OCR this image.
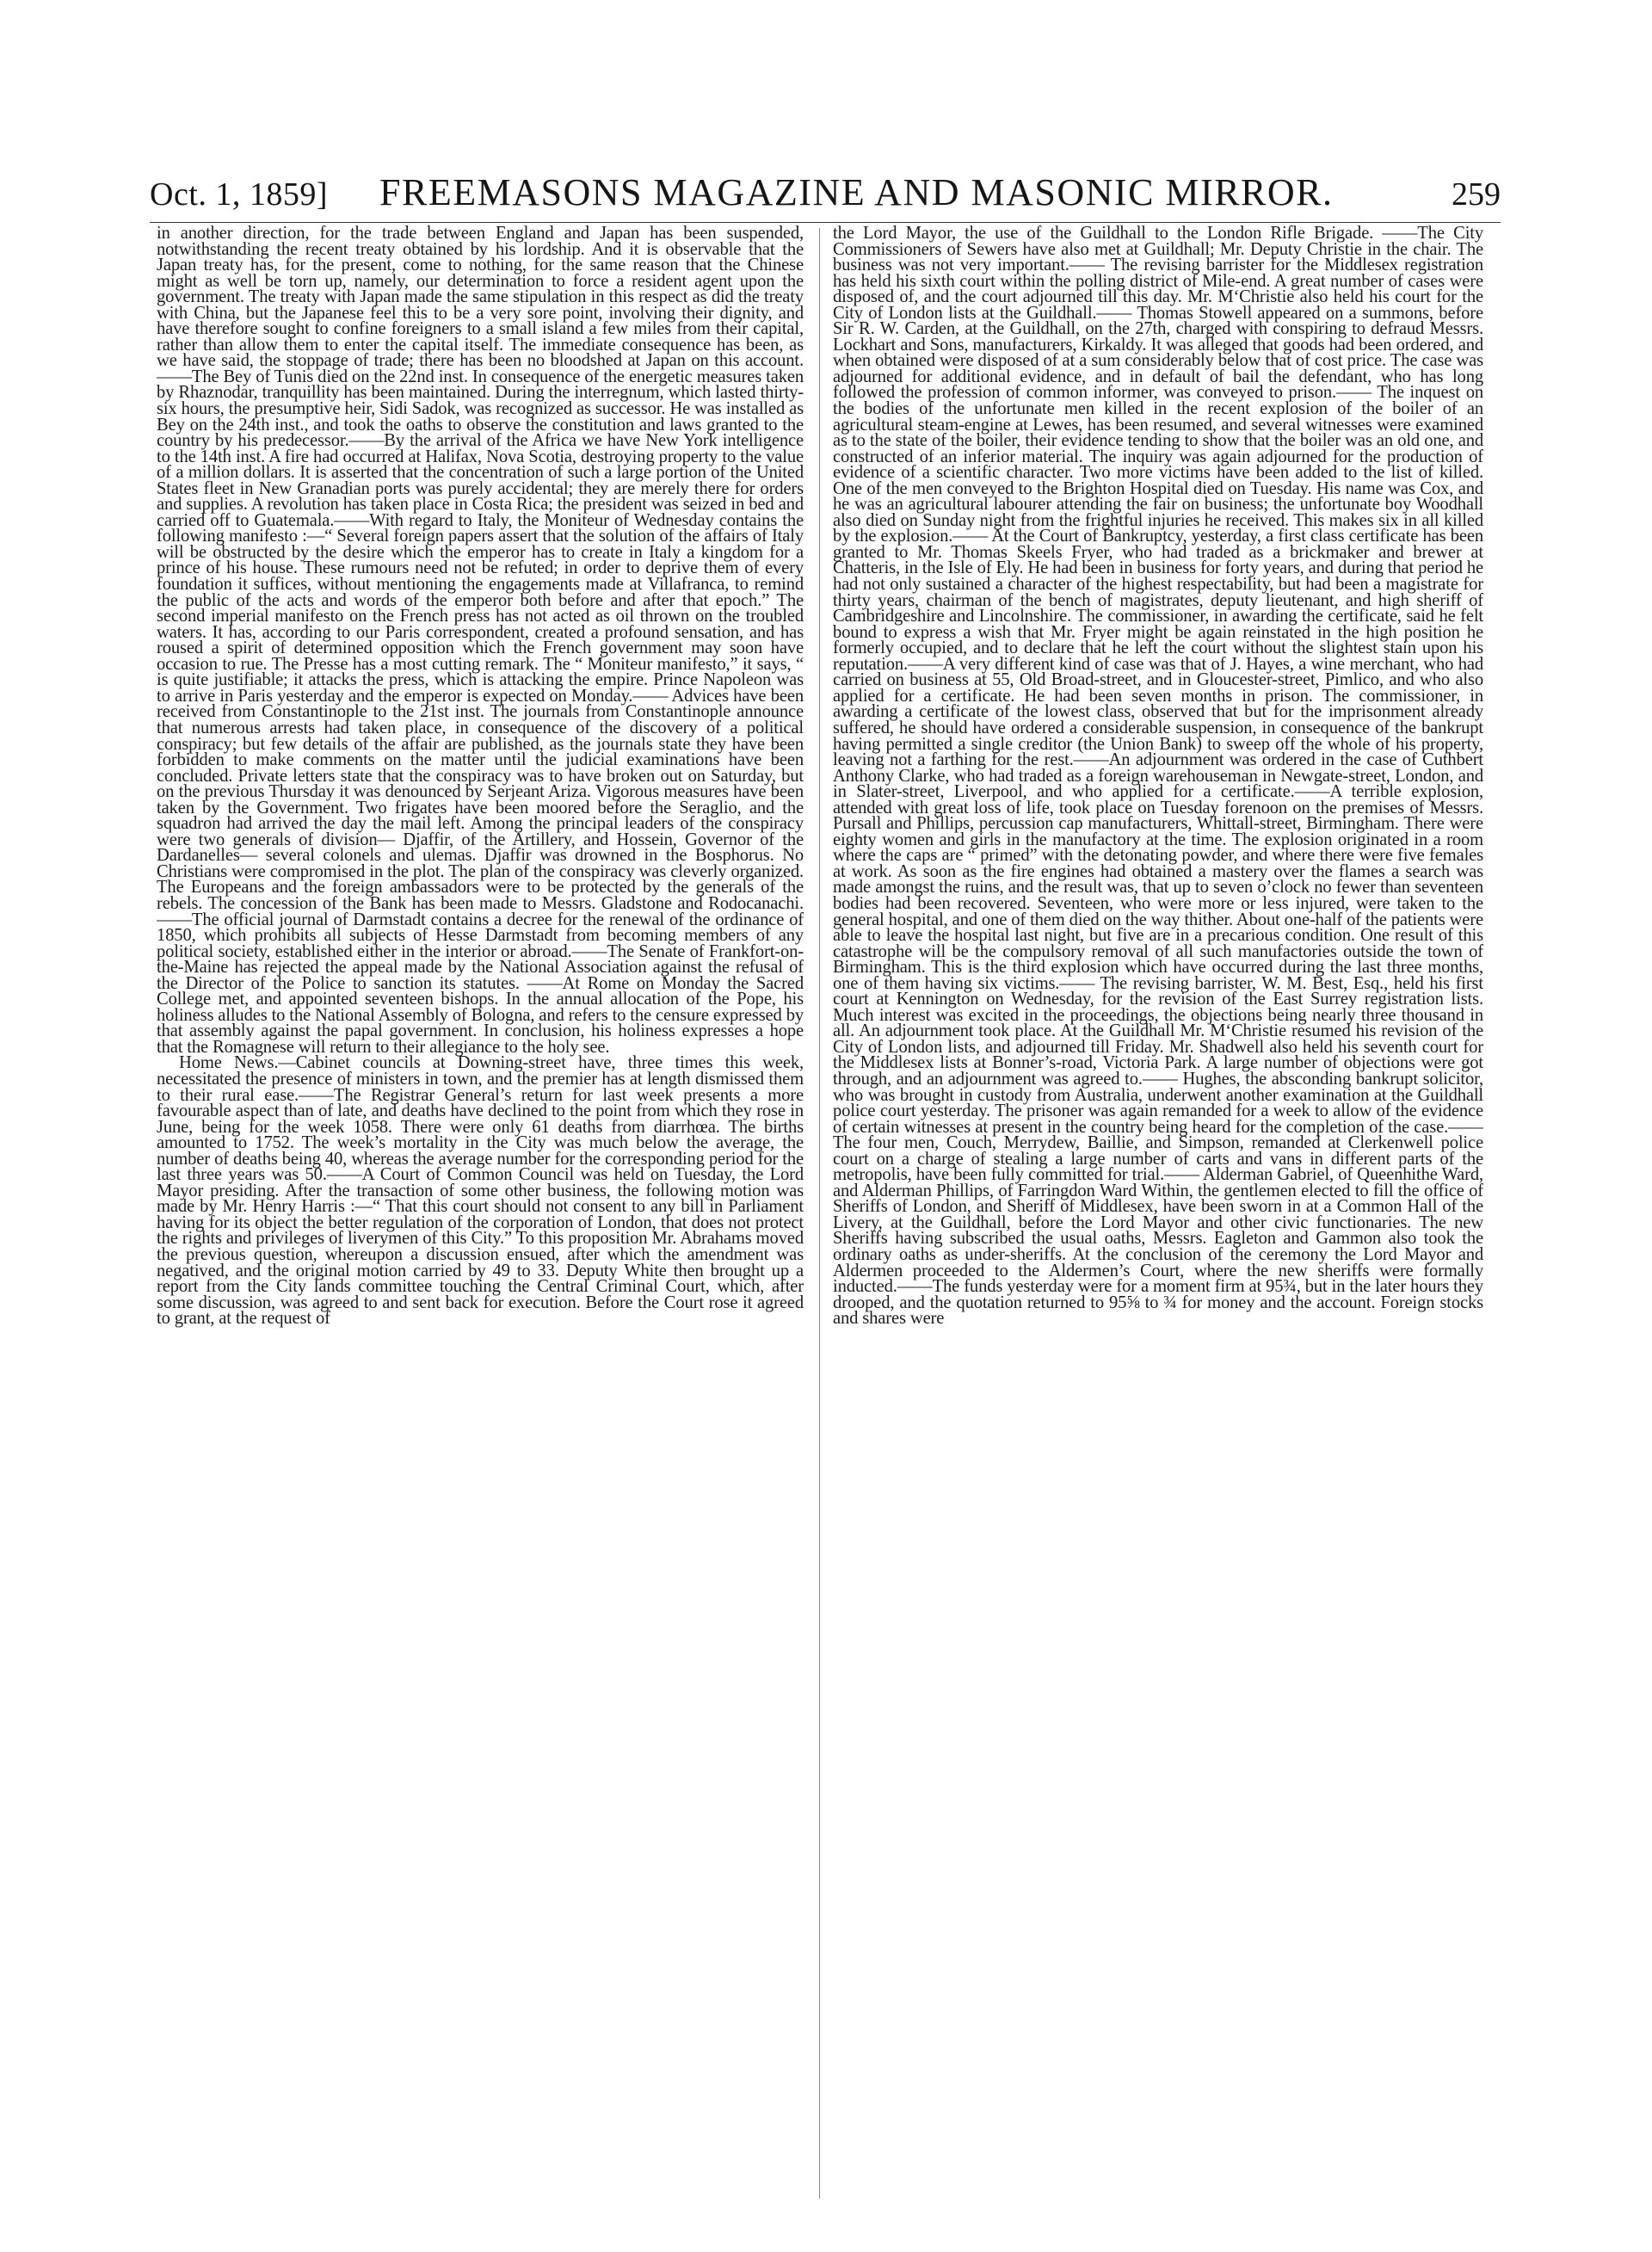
Oct. 1, 1859] FREEMASONS MAGAZINE AND MASONIC MIRROR.	259

in another direction, for the trade between England and Japan has been suspended, notwithstanding the recent treaty obtained by his lordship. And it is observable that the Japan treaty has, for the present, come to nothing, for the same reason that the Chinese might as well be torn up, namely, our determination to force a resident agent upon the government. The treaty with Japan made the same stipulation in this respect as did the treaty with China, but the Japanese feel this to be a very sore point, involving their dignity, and have therefore sought to confine foreigners to a small island a few miles from their capital, rather than allow them to enter the capital itself. The immediate consequence has been, as we have said, the stoppage of trade; there has been no bloodshed at Japan on this account.——The Bey of Tunis died on the 22nd inst. In consequence of the energetic measures taken by Rhaznodar, tranquillity has been maintained. During the interregnum, which lasted thirty-six hours, the presumptive heir, Sidi Sadok, was recognized as successor. He was installed as Bey on the 24th inst., and took the oaths to observe the constitution and laws granted to the country by his predecessor.——By the arrival of the Africa we have New York intelligence to the 14th inst. A fire had occurred at Halifax, Nova Scotia, destroying property to the value of a million dollars. It is asserted that the concentration of such a large portion of the United States fleet in New Granadian ports was purely accidental; they are merely there for orders and supplies. A revolution has taken place in Costa Rica; the president was seized in bed and carried off to Guatemala.——With regard to Italy, the Moniteur of Wednesday contains the following manifesto :—“ Several foreign papers assert that the solution of the affairs of Italy will be obstructed by the desire which the emperor has to create in Italy a kingdom for a prince of his house. These rumours need not be refuted; in order to deprive them of every foundation it suffices, without mentioning the engagements made at Villafranca, to remind the public of the acts and words of the emperor both before and after that epoch.” The second imperial manifesto on the French press has not acted as oil thrown on the troubled waters. It has, according to our Paris correspondent, created a profound sensation, and has roused a spirit of determined opposition which the French government may soon have occasion to rue. The Presse has a most cutting remark. The “ Moniteur manifesto,” it says, “ is quite justifiable; it attacks the press, which is attacking the empire. Prince Napoleon was to arrive in Paris yesterday and the emperor is expected on Monday.—— Advices have been received from Constantinople to the 21st inst. The journals from Constantinople announce that numerous arrests had taken place, in consequence of the discovery of a political conspiracy; but few details of the affair are published, as the journals state they have been forbidden to make comments on the matter until the judicial examinations have been concluded. Private letters state that the conspiracy was to have broken out on Saturday, but on the previous Thursday it was denounced by Serjeant Ariza. Vigorous measures have been taken by the Government. Two frigates have been moored before the Seraglio, and the squadron had arrived the day the mail left. Among the principal leaders of the conspiracy were two generals of division— Djaffir, of the Artillery, and Hossein, Governor of the Dardanelles— several colonels and ulemas. Djaffir was drowned in the Bosphorus. No Christians were compromised in the plot. The plan of the conspiracy was cleverly organized. The Europeans and the foreign ambassadors were to be protected by the generals of the rebels. The concession of the Bank has been made to Messrs. Gladstone and Rodocanachi.——The official journal of Darmstadt contains a decree for the renewal of the ordinance of 1850, which prohibits all subjects of Hesse Darmstadt from becoming members of any political society, established either in the interior or abroad.——The Senate of Frankfort-on-the-Maine has rejected the appeal made by the National Association against the refusal of the Director of the Police to sanction its statutes. ——At Rome on Monday the Sacred College met, and appointed seventeen bishops. In the annual allocation of the Pope, his holiness alludes to the National Assembly of Bologna, and refers to the censure expressed by that assembly against the papal government. In conclusion, his holiness expresses a hope that the Romagnese will return to their allegiance to the holy see.

Home News.—Cabinet councils at Downing-street have, three times this week, necessitated the presence of ministers in town, and the premier has at length dismissed them to their rural ease.——The Registrar General’s return for last week presents a more favourable aspect than of late, and deaths have declined to the point from which they rose in June, being for the week 1058. There were only 61 deaths from diarrhœa. The births amounted to 1752. The week’s mortality in the City was much below the average, the number of deaths being 40, whereas the average number for the corresponding period for the last three years was 50.——A Court of Common Council was held on Tuesday, the Lord Mayor presiding. After the transaction of some other business, the following motion was made by Mr. Henry Harris :—“ That this court should not consent to any bill in Parliament having for its object the better regulation of the corporation of London, that does not protect the rights and privileges of liverymen of this City.” To this proposition Mr. Abrahams moved the previous question, whereupon a discussion ensued, after which the amendment was negatived, and the original motion carried by 49 to 33. Deputy White then brought up a report from the City lands committee touching the Central Criminal Court, which, after some discussion, was agreed to and sent back for execution. Before the Court rose it agreed to grant, at the request of

the Lord Mayor, the use of the Guildhall to the London Rifle Brigade. ——The City Commissioners of Sewers have also met at Guildhall; Mr. Deputy Christie in the chair. The business was not very important.—— The revising barrister for the Middlesex registration has held his sixth court within the polling district of Mile-end. A great number of cases were disposed of, and the court adjourned till this day. Mr. M‘Christie also held his court for the City of London lists at the Guildhall.—— Thomas Stowell appeared on a summons, before Sir R. W. Carden, at the Guildhall, on the 27th, charged with conspiring to defraud Messrs. Lockhart and Sons, manufacturers, Kirkaldy. It was alleged that goods had been ordered, and when obtained were disposed of at a sum considerably below that of cost price. The case was adjourned for additional evidence, and in default of bail the defendant, who has long followed the profession of common informer, was conveyed to prison.—— The inquest on the bodies of the unfortunate men killed in the recent explosion of the boiler of an agricultural steam-engine at Lewes, has been resumed, and several witnesses were examined as to the state of the boiler, their evidence tending to show that the boiler was an old one, and constructed of an inferior material. The inquiry was again adjourned for the production of evidence of a scientific character. Two more victims have been added to the list of killed. One of the men conveyed to the Brighton Hospital died on Tuesday. His name was Cox, and he was an agricultural labourer attending the fair on business; the unfortunate boy Woodhall also died on Sunday night from the frightful injuries he received. This makes six in all killed by the explosion.—— At the Court of Bankruptcy, yesterday, a first class certificate has been granted to Mr. Thomas Skeels Fryer, who had traded as a brickmaker and brewer at Chatteris, in the Isle of Ely. He had been in business for forty years, and during that period he had not only sustained a character of the highest respectability, but had been a magistrate for thirty years, chairman of the bench of magistrates, deputy lieutenant, and high sheriff of Cambridgeshire and Lincolnshire. The commissioner, in awarding the certificate, said he felt bound to express a wish that Mr. Fryer might be again reinstated in the high position he formerly occupied, and to declare that he left the court without the slightest stain upon his reputation.——A very different kind of case was that of J. Hayes, a wine merchant, who had carried on business at 55, Old Broad-street, and in Gloucester-street, Pimlico, and who also applied for a certificate. He had been seven months in prison. The commissioner, in awarding a certificate of the lowest class, observed that but for the imprisonment already suffered, he should have ordered a considerable suspension, in consequence of the bankrupt having permitted a single creditor (the Union Bank) to sweep off the whole of his property, leaving not a farthing for the rest.——An adjournment was ordered in the case of Cuthbert Anthony Clarke, who had traded as a foreign warehouseman in Newgate-street, London, and in Slater-street, Liverpool, and who applied for a certificate.——A terrible explosion, attended with great loss of life, took place on Tuesday forenoon on the premises of Messrs. Pursall and Phillips, percussion cap manufacturers, Whittall-street, Birmingham. There were eighty women and girls in the manufactory at the time. The explosion originated in a room where the caps are “ primed” with the detonating powder, and where there were five females at work. As soon as the fire engines had obtained a mastery over the flames a search was made amongst the ruins, and the result was, that up to seven o’clock no fewer than seventeen bodies had been recovered. Seventeen, who were more or less injured, were taken to the general hospital, and one of them died on the way thither. About one-half of the patients were able to leave the hospital last night, but five are in a precarious condition. One result of this catastrophe will be the compulsory removal of all such manufactories outside the town of Birmingham. This is the third explosion which have occurred during the last three months, one of them having six victims.—— The revising barrister, W. M. Best, Esq., held his first court at Kennington on Wednesday, for the revision of the East Surrey registration lists. Much interest was excited in the proceedings, the objections being nearly three thousand in all. An adjournment took place. At the Guildhall Mr. M‘Christie resumed his revision of the City of London lists, and adjourned till Friday. Mr. Shadwell also held his seventh court for the Middlesex lists at Bonner’s-road, Victoria Park. A large number of objections were got through, and an adjournment was agreed to.—— Hughes, the absconding bankrupt solicitor, who was brought in custody from Australia, underwent another examination at the Guildhall police court yesterday. The prisoner was again remanded for a week to allow of the evidence of certain witnesses at present in the country being heard for the completion of the case.——The four men, Couch, Merrydew, Baillie, and Simpson, remanded at Clerkenwell police court on a charge of stealing a large number of carts and vans in different parts of the metropolis, have been fully committed for trial.—— Alderman Gabriel, of Queenhithe Ward, and Alderman Phillips, of Farringdon Ward Within, the gentlemen elected to fill the office of Sheriffs of London, and Sheriff of Middlesex, have been sworn in at a Common Hall of the Livery, at the Guildhall, before the Lord Mayor and other civic functionaries. The new Sheriffs having subscribed the usual oaths, Messrs. Eagleton and Gammon also took the ordinary oaths as under-sheriffs. At the conclusion of the ceremony the Lord Mayor and Aldermen proceeded to the Aldermen’s Court, where the new sheriffs were formally inducted.——The funds yesterday were for a moment firm at 95¾, but in the later hours they drooped, and the quotation returned to 95⅝ to ¾ for money and the account. Foreign stocks and shares were
